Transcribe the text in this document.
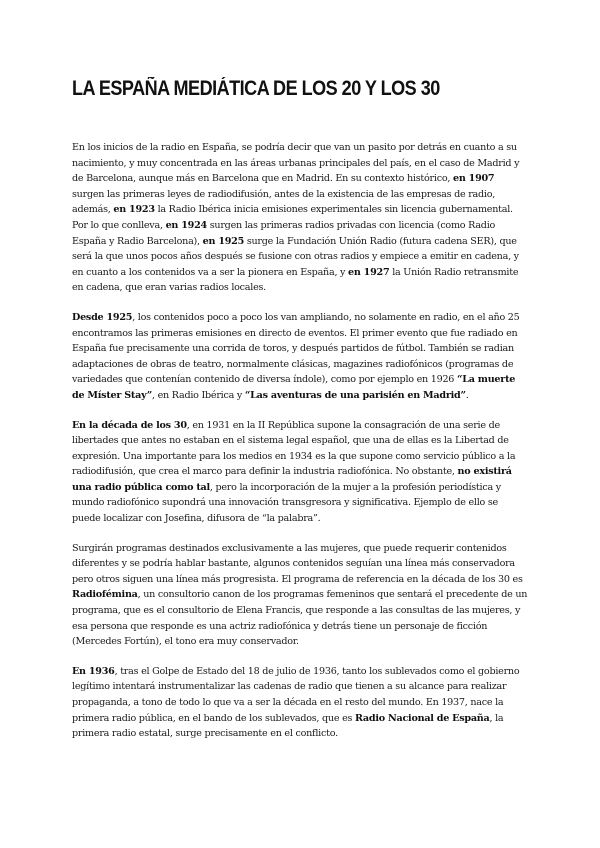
LA ESPAÑA MEDIÁTICA DE LOS 20 Y LOS 30

En los inicios de la radio en España, se podría decir que van un pasito por detrás en cuanto a su nacimiento, y muy concentrada en las áreas urbanas principales del país, en el caso de Madrid y de Barcelona, aunque más en Barcelona que en Madrid. En su contexto histórico, en 1907 surgen las primeras leyes de radiodifusión, antes de la existencia de las empresas de radio, además, en 1923 la Radio Ibérica inicia emisiones experimentales sin licencia gubernamental. Por lo que conlleva, en 1924 surgen las primeras radios privadas con licencia (como Radio España y Radio Barcelona), en 1925 surge la Fundación Unión Radio (futura cadena SER), que será la que unos pocos años después se fusione con otras radios y empiece a emitir en cadena, y en cuanto a los contenidos va a ser la pionera en España, y en 1927 la Unión Radio retransmite en cadena, que eran varias radios locales.

Desde 1925, los contenidos poco a poco los van ampliando, no solamente en radio, en el año 25 encontramos las primeras emisiones en directo de eventos. El primer evento que fue radiado en España fue precisamente una corrida de toros, y después partidos de fútbol. También se radian adaptaciones de obras de teatro, normalmente clásicas, magazines radiofónicos (programas de variedades que contenían contenido de diversa índole), como por ejemplo en 1926 “La muerte de Míster Stay”, en Radio Ibérica y “Las aventuras de una parisién en Madrid”.

En la década de los 30, en 1931 en la II República supone la consagración de una serie de libertades que antes no estaban en el sistema legal español, que una de ellas es la Libertad de expresión. Una importante para los medios en 1934 es la que supone como servicio público a la radiodifusión, que crea el marco para definir la industria radiofónica. No obstante, no existirá una radio pública como tal, pero la incorporación de la mujer a la profesión periodística y mundo radiofónico supondrá una innovación transgresora y significativa. Ejemplo de ello se puede localizar con Josefina, difusora de “la palabra”.

Surgirán programas destinados exclusivamente a las mujeres, que puede requerir contenidos diferentes y se podría hablar bastante, algunos contenidos seguían una línea más conservadora pero otros siguen una línea más progresista. El programa de referencia en la década de los 30 es Radiofémina, un consultorio canon de los programas femeninos que sentará el precedente de un programa, que es el consultorio de Elena Francis, que responde a las consultas de las mujeres, y esa persona que responde es una actriz radiofónica y detrás tiene un personaje de ficción (Mercedes Fortún), el tono era muy conservador.

En 1936, tras el Golpe de Estado del 18 de julio de 1936, tanto los sublevados como el gobierno legítimo intentará instrumentalizar las cadenas de radio que tienen a su alcance para realizar propaganda, a tono de todo lo que va a ser la década en el resto del mundo. En 1937, nace la primera radio pública, en el bando de los sublevados, que es Radio Nacional de España, la primera radio estatal, surge precisamente en el conflicto.
